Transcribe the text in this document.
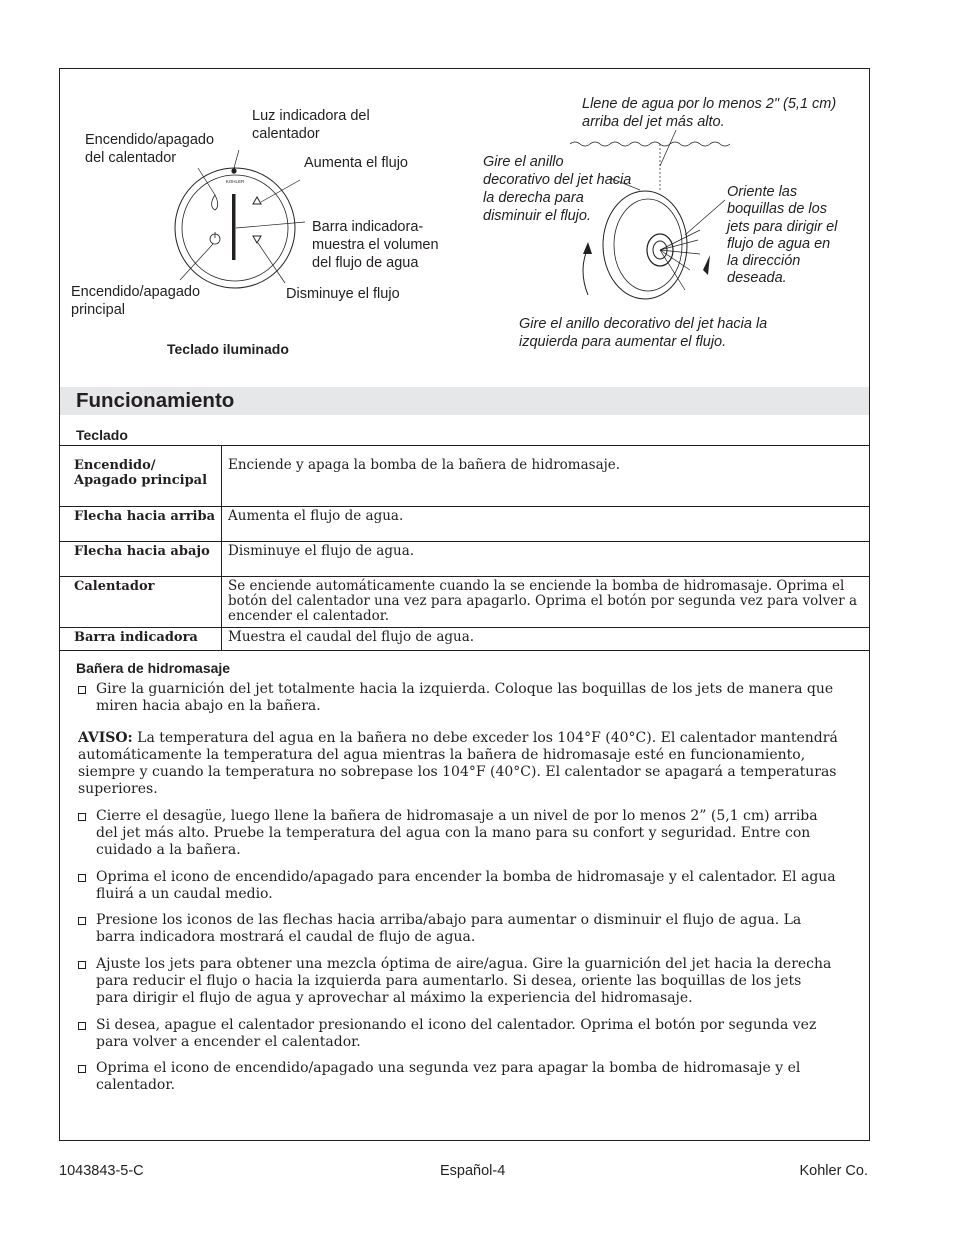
KOHLER
Luz indicadora del
calentador
Encendido/apagado
del calentador	Aumenta el flujo
Barra indicadora-
muestra el volumen
del flujo de agua
Encendido/apagado
principal
Disminuye el flujo
Teclado iluminado
Llene de agua por lo menos 2" (5,1 cm)
arriba del jet más alto.
Gire el anillo
decorativo del jet hacia
la derecha para
disminuir el flujo.
Oriente las
boquillas de los
jets para dirigir el
flujo de agua en
la dirección
deseada.
Gire el anillo decorativo del jet hacia la
izquierda para aumentar el flujo.
Funcionamiento
Teclado
Encendido/ Apagado principal	Enciende y apaga la bomba de la bañera de hidromasaje.
Flecha hacia arriba	Aumenta el flujo de agua.
Flecha hacia abajo	Disminuye el flujo de agua.
Calentador	Se enciende automáticamente cuando la se enciende la bomba de hidromasaje. Oprima el botón del calentador una vez para apagarlo. Oprima el botón por segunda vez para volver a encender el calentador.
Barra indicadora	Muestra el caudal del flujo de agua.
Bañera de hidromasaje
Gire la guarnición del jet totalmente hacia la izquierda. Coloque las boquillas de los jets de manera que miren hacia abajo en la bañera.
AVISO: La temperatura del agua en la bañera no debe exceder los 104°F (40°C). El calentador mantendrá automáticamente la temperatura del agua mientras la bañera de hidromasaje esté en funcionamiento, siempre y cuando la temperatura no sobrepase los 104°F (40°C). El calentador se apagará a temperaturas superiores.
Cierre el desagüe, luego llene la bañera de hidromasaje a un nivel de por lo menos 2” (5,1 cm) arriba del jet más alto. Pruebe la temperatura del agua con la mano para su confort y seguridad. Entre con cuidado a la bañera.
Oprima el icono de encendido/apagado para encender la bomba de hidromasaje y el calentador. El agua fluirá a un caudal medio.
Presione los iconos de las flechas hacia arriba/abajo para aumentar o disminuir el flujo de agua. La barra indicadora mostrará el caudal de flujo de agua.
Ajuste los jets para obtener una mezcla óptima de aire/agua. Gire la guarnición del jet hacia la derecha para reducir el flujo o hacia la izquierda para aumentarlo. Si desea, oriente las boquillas de los jets para dirigir el flujo de agua y aprovechar al máximo la experiencia del hidromasaje.
Si desea, apague el calentador presionando el icono del calentador. Oprima el botón por segunda vez para volver a encender el calentador.
Oprima el icono de encendido/apagado una segunda vez para apagar la bomba de hidromasaje y el calentador.
1043843-5-C	Español-4	Kohler Co.
